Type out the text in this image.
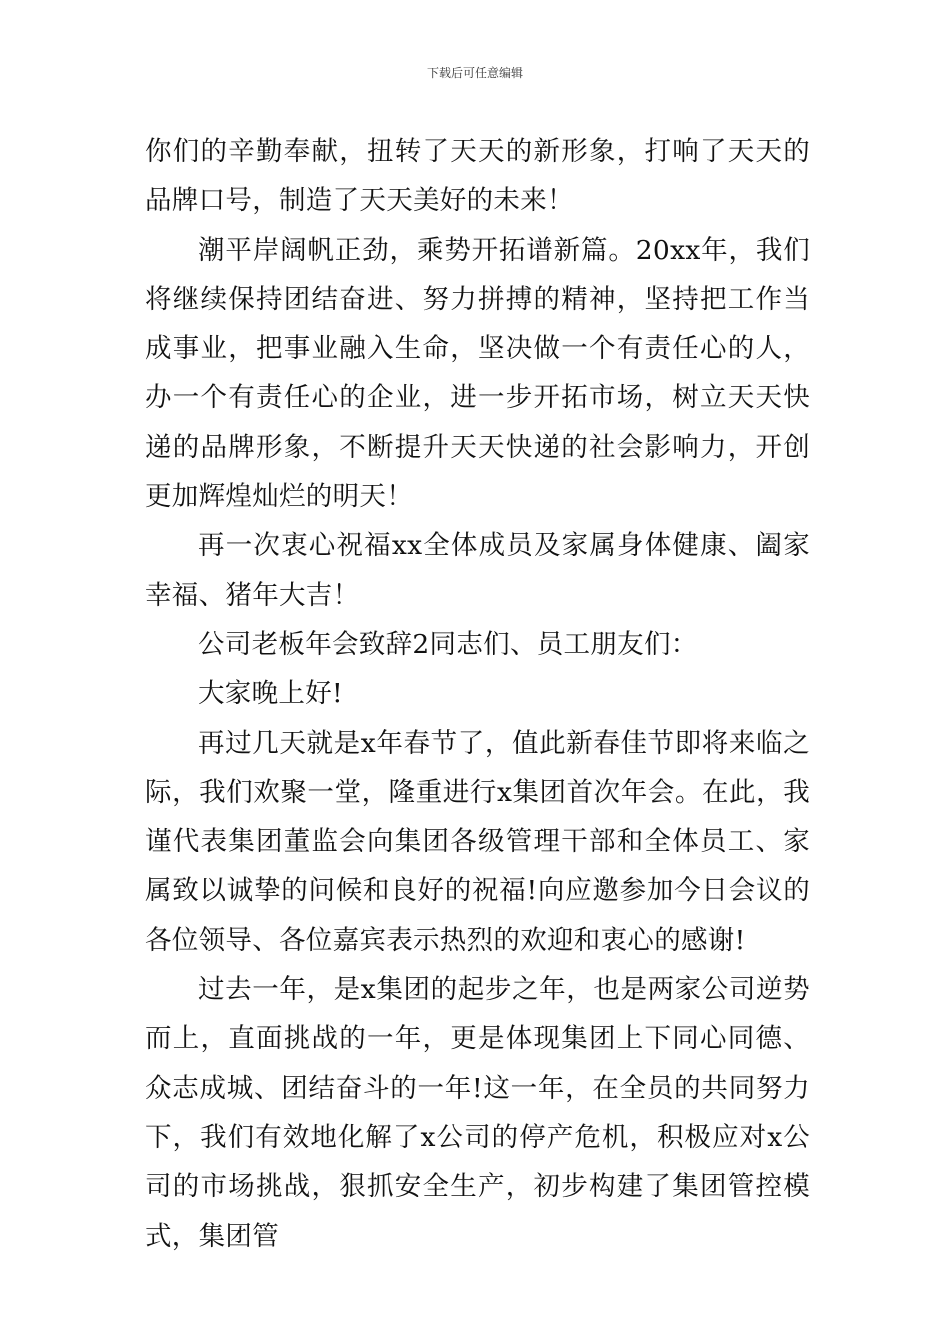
下载后可任意编辑

你们的辛勤奉献，扭转了天天的新形象，打响了天天的品牌口号，制造了天天美好的未来！

潮平岸阔帆正劲，乘势开拓谱新篇。20xx年，我们将继续保持团结奋进、努力拼搏的精神，坚持把工作当成事业，把事业融入生命，坚决做一个有责任心的人，办一个有责任心的企业，进一步开拓市场，树立天天快递的品牌形象，不断提升天天快递的社会影响力，开创更加辉煌灿烂的明天！

再一次衷心祝福xx全体成员及家属身体健康、阖家幸福、猪年大吉！

公司老板年会致辞2同志们、员工朋友们：

大家晚上好!

再过几天就是x年春节了，值此新春佳节即将来临之际，我们欢聚一堂，隆重进行x集团首次年会。在此，我谨代表集团董监会向集团各级管理干部和全体员工、家属致以诚挚的问候和良好的祝福!向应邀参加今日会议的各位领导、各位嘉宾表示热烈的欢迎和衷心的感谢!

过去一年，是x集团的起步之年，也是两家公司逆势而上，直面挑战的一年，更是体现集团上下同心同德、众志成城、团结奋斗的一年!这一年，在全员的共同努力下，我们有效地化解了x公司的停产危机，积极应对x公司的市场挑战，狠抓安全生产，初步构建了集团管控模式，集团管
